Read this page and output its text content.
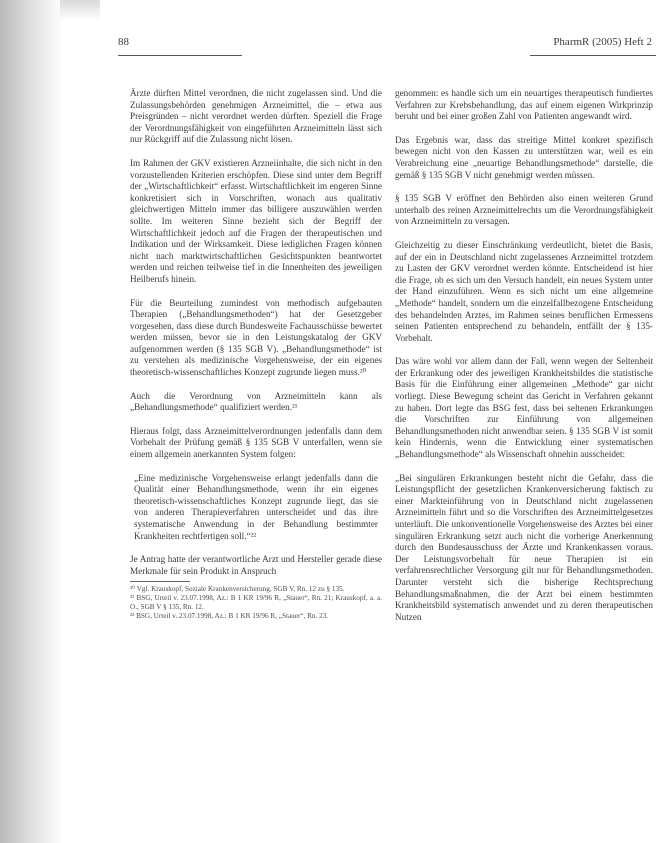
88	PharmR (2005) Heft 2

Ärzte dürften Mittel verordnen, die nicht zugelassen sind. Und die Zulassungsbehörden genehmigen Arzneimittel, die – etwa aus Preisgründen – nicht verordnet werden dürften. Speziell die Frage der Verordnungsfähigkeit von eingeführten Arzneimitteln lässt sich nur Rückgriff auf die Zulassung nicht lösen.

Im Rahmen der GKV existieren Arzneiinhalte, die sich nicht in den vorzustellenden Kriterien erschöpfen. Diese sind unter dem Begriff der „Wirtschaftlichkeit“ erfasst. Wirtschaftlichkeit im engeren Sinne konkretisiert sich in Vorschriften, wonach aus qualitativ gleichwertigen Mitteln immer das billigere auszuwählen werden sollte. Im weiteren Sinne bezieht sich der Begriff der Wirtschaftlichkeit jedoch auf die Fragen der therapeutischen und Indikation und der Wirksamkeit. Diese lediglichen Fragen können nicht nach marktwirtschaftlichen Gesichtspunkten beantwortet werden und reichen teilweise tief in die Innenheiten des jeweiligen Heilberufs hinein.

Für die Beurteilung zumindest von methodisch aufgebauten Therapien („Behandlungsmethoden“) hat der Gesetzgeber vorgesehen, dass diese durch Bundesweite Fachausschüsse bewertet werden müssen, bevor sie in den Leistungskatalog der GKV aufgenommen werden (§ 135 SGB V). „Behandlungsmethode“ ist zu verstehen als medizinische Vorgehensweise, der ein eigenes theoretisch-wissenschaftliches Konzept zugrunde liegen muss.²⁰

Auch die Verordnung von Arzneimitteln kann als „Behandlungsmethode“ qualifiziert werden.²¹

Hieraus folgt, dass Arzneimittelverordnungen jedenfalls dann dem Vorbehalt der Prüfung gemäß § 135 SGB V unterfallen, wenn sie einem allgemein anerkannten System folgen:

„Eine medizinische Vorgehensweise erlangt jedenfalls dann die Qualität einer Behandlungsmethode, wenn ihr ein eigenes theoretisch-wissenschaftliches Konzept zugrunde liegt, das sie von anderen Therapieverfahren unterscheidet und das ihre systematische Anwendung in der Behandlung bestimmter Krankheiten rechtfertigen soll.“²²

Je Antrag hatte der verantwortliche Arzt und Hersteller gerade diese Merkmale für sein Produkt in Anspruch

²⁰ Vgl. Krauskopf, Soziale Krankenversicherung, SGB V, Rn. 12 zu § 135.
²¹ BSG, Urteil v. 23.07.1998, Az.: B 1 KR 19/96 R, „Stauer“, Rn. 21; Krauskopf, a. a. O., SGB V § 135, Rn. 12.
²² BSG, Urteil v. 23.07.1998, Az.: B 1 KR 19/96 R, „Stauer“, Rn. 23.

genommen: es handle sich um ein neuartiges therapeutisch fundiertes Verfahren zur Krebsbehandlung, das auf einem eigenen Wirkprinzip beruht und bei einer großen Zahl von Patienten angewandt wird.

Das Ergebnis war, dass das streitige Mittel konkret spezifisch bewegen nicht von den Kassen zu unterstützen war, weil es ein Verabreichung eine „neuartige Behandlungsmethode“ darstelle, die gemäß § 135 SGB V nicht genehmigt werden müssen.

§ 135 SGB V eröffnet den Behörden also einen weiteren Grund unterhalb des reinen Arzneimittelrechts um die Verordnungsfähigkeit von Arzneimitteln zu versagen.

Gleichzeitig zu dieser Einschränkung verdeutlicht, bietet die Basis, auf der ein in Deutschland nicht zugelassenes Arzneimittel trotzdem zu Lasten der GKV verordnet werden könnte. Entscheidend ist hier die Frage, ob es sich um den Versuch handelt, ein neues System unter der Hand einzuführen. Wenn es sich nicht um eine allgemeine „Methode“ handelt, sondern um die einzelfallbezogene Entscheidung des behandelnden Arztes, im Rahmen seines beruflichen Ermessens seinen Patienten entsprechend zu behandeln, entfällt der § 135-Vorbehalt.

Das wäre wohl vor allem dann der Fall, wenn wegen der Seltenheit der Erkrankung oder des jeweiligen Krankheitsbildes die statistische Basis für die Einführung einer allgemeinen „Methode“ gar nicht vorliegt. Diese Bewegung scheint das Gericht in Verfahren gekannt zu haben. Dort legte das BSG fest, dass bei seltenen Erkrankungen die Vorschriften zur Einführung von allgemeinen Behandlungsmethoden nicht anwendbar seien. § 135 SGB V ist somit kein Hindernis, wenn die Entwicklung einer systematischen „Behandlungsmethode“ als Wissenschaft ohnehin ausscheidet:

„Bei singulären Erkrankungen besteht nicht die Gefahr, dass die Leistungspflicht der gesetzlichen Krankenversicherung faktisch zu einer Markteinführung von in Deutschland nicht zugelassenen Arzneimitteln führt und so die Vorschriften des Arzneimittelgesetzes unterläuft. Die unkonventionelle Vorgehensweise des Arztes bei einer singulären Erkrankung setzt auch nicht die vorherige Anerkennung durch den Bundesausschuss der Ärzte und Krankenkassen voraus. Der Leistungsvorbehalt für neue Therapien ist ein verfahrensrechtlicher Versorgung gilt nur für Behandlungsmethoden. Darunter versteht sich die bisherige Rechtsprechung Behandlungsmaßnahmen, die der Arzt bei einem bestimmten Krankheitsbild systematisch anwendet und zu deren therapeutischen Nutzen
